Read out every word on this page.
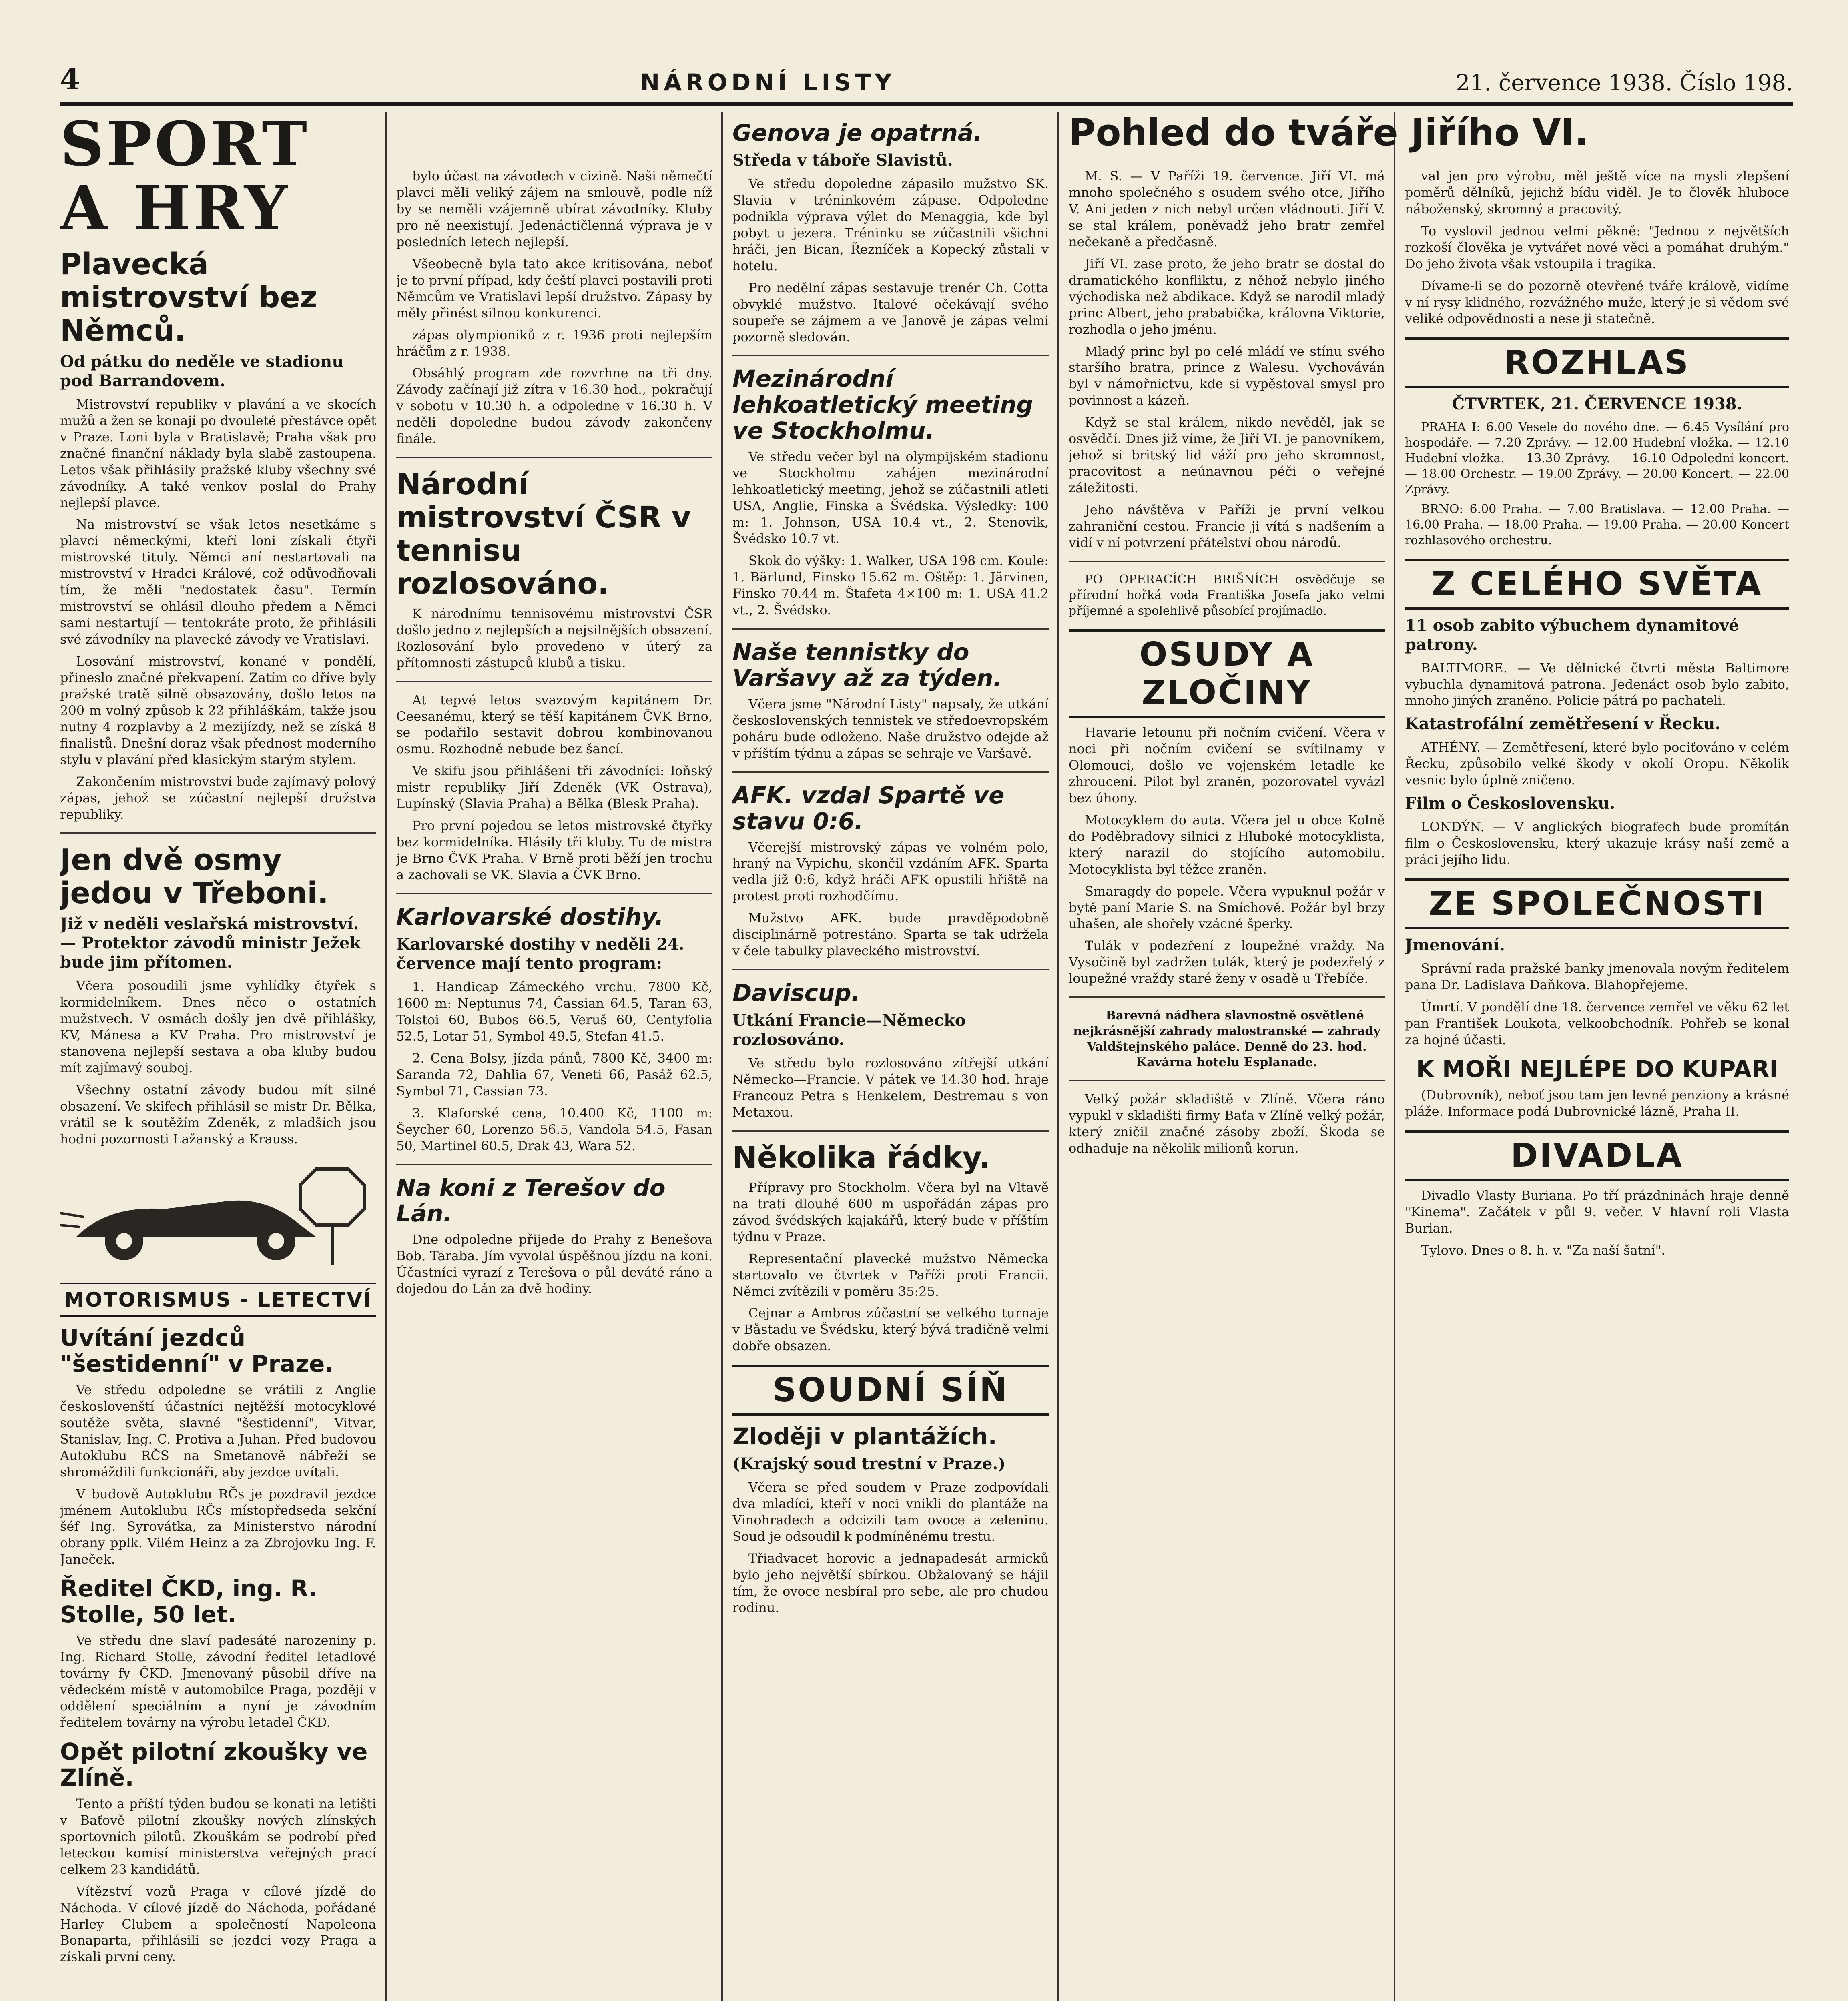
4	NÁRODNÍ LISTY	21. července 1938. Číslo 198.
SPORT A HRY
Plavecká mistrovství bez Němců.
Od pátku do neděle ve stadionu pod Barrandovem.

Mistrovství republiky v plavání a ve skocích mužů a žen se konají po dvouleté přestávce opět v Praze. Loni byla v Bratislavě; Praha však pro značné finanční náklady byla slabě zastoupena. Letos však přihlásily pražské kluby všechny své závodníky. A také venkov poslal do Prahy nejlepší plavce.

Na mistrovství se však letos nesetkáme s plavci německými, kteří loni získali čtyři mistrovské tituly. Němci aní nestartovali na mistrovství v Hradci Králové, což odůvodňovali tím, že měli "nedostatek času". Termín mistrovství se ohlásil dlouho předem a Němci sami nestartují — tentokráte proto, že přihlásili své závodníky na plavecké závody ve Vratislavi.

Losování mistrovství, konané v pondělí, přineslo značné překvapení. Zatím co dříve byly pražské tratě silně obsazovány, došlo letos na 200 m volný způsob k 22 přihláškám, takže jsou nutny 4 rozplavby a 2 mezijízdy, než se získá 8 finalistů. Dnešní doraz však přednost moderního stylu v plavání před klasickým starým stylem.

Zakončením mistrovství bude zajímavý polový zápas, jehož se zúčastní nejlepší družstva republiky.

Jen dvě osmy jedou v Třeboni.
Již v neděli veslařská mistrovství. — Protektor závodů ministr Ježek bude jim přítomen.

Včera posoudili jsme vyhlídky čtyřek s kormidelníkem. Dnes něco o ostatních mužstvech. V osmách došly jen dvě přihlášky, KV, Mánesa a KV Praha. Pro mistrovství je stanovena nejlepší sestava a oba kluby budou mít zajímavý souboj.

Všechny ostatní závody budou mít silné obsazení. Ve skifech přihlásil se mistr Dr. Bělka, vrátil se k soutěžím Zdeněk, z mladších jsou hodni pozornosti Lažanský a Krauss.

MOTORISMUS - LETECTVÍ
Uvítání jezdců "šestidenní" v Praze.

Ve středu odpoledne se vrátili z Anglie českoslovenští účastníci nejtěžší motocyklové soutěže světa, slavné "šestidenní", Vitvar, Stanislav, Ing. C. Protiva a Juhan. Před budovou Autoklubu RČS na Smetanově nábřeží se shromáždili funkcionáři, aby jezdce uvítali.

V budově Autoklubu RČs je pozdravil jezdce jménem Autoklubu RČs místopředseda sekční šéf Ing. Syrovátka, za Ministerstvo národní obrany pplk. Vilém Heinz a za Zbrojovku Ing. F. Janeček.

Ředitel ČKD, ing. R. Stolle, 50 let.

Ve středu dne slaví padesáté narozeniny p. Ing. Richard Stolle, závodní ředitel letadlové továrny fy ČKD. Jmenovaný působil dříve na vědeckém místě v automobilce Praga, později v oddělení speciálním a nyní je závodním ředitelem továrny na výrobu letadel ČKD.

Opět pilotní zkoušky ve Zlíně.

Tento a příští týden budou se konati na letišti v Baťově pilotní zkoušky nových zlínských sportovních pilotů. Zkouškám se podrobí před leteckou komisí ministerstva veřejných prací celkem 23 kandidátů.

Vítězství vozů Praga v cílové jízdě do Náchoda. V cílové jízdě do Náchoda, pořádané Harley Clubem a společností Napoleona Bonaparta, přihlásili se jezdci vozy Praga a získali první ceny.

bylo účast na závodech v cizině. Naši němečtí plavci měli veliký zájem na smlouvě, podle níž by se neměli vzájemně ubírat závodníky. Kluby pro ně neexistují. Jedenáctičlenná výprava je v posledních letech nejlepší.

Všeobecně byla tato akce kritisována, neboť je to první případ, kdy čeští plavci postavili proti Němcům ve Vratislavi lepší družstvo. Zápasy by měly přinést silnou konkurenci.

zápas olympioniků z r. 1936 proti nejlepším hráčům z r. 1938.

Obsáhlý program zde rozvrhne na tři dny. Závody začínají již zítra v 16.30 hod., pokračují v sobotu v 10.30 h. a odpoledne v 16.30 h. V neděli dopoledne budou závody zakončeny finále.

Národní mistrovství ČSR v tennisu rozlosováno.

K národnímu tennisovému mistrovství ČSR došlo jedno z nejlepších a nejsilnějších obsazení. Rozlosování bylo provedeno v úterý za přítomnosti zástupců klubů a tisku.

At tepvé letos svazovým kapitánem Dr. Ceesanému, který se těší kapitánem ČVK Brno, se podařilo sestavit dobrou kombinovanou osmu. Rozhodně nebude bez šancí.

Ve skifu jsou přihlášeni tři závodníci: loňský mistr republiky Jiří Zdeněk (VK Ostrava), Lupínský (Slavia Praha) a Bělka (Blesk Praha).

Pro první pojedou se letos mistrovské čtyřky bez kormidelníka. Hlásily tři kluby. Tu de mistra je Brno ČVK Praha. V Brně proti běží jen trochu a zachovali se VK. Slavia a ČVK Brno.

Karlovarské dostihy.
Karlovarské dostihy v neděli 24. července mají tento program:

1. Handicap Zámeckého vrchu. 7800 Kč, 1600 m: Neptunus 74, Čassian 64.5, Taran 63, Tolstoi 60, Bubos 66.5, Veruš 60, Centyfolia 52.5, Lotar 51, Symbol 49.5, Stefan 41.5.

2. Cena Bolsy, jízda pánů, 7800 Kč, 3400 m: Saranda 72, Dahlia 67, Veneti 66, Pasáž 62.5, Symbol 71, Cassian 73.

3. Klaforské cena, 10.400 Kč, 1100 m: Šeycher 60, Lorenzo 56.5, Vandola 54.5, Fasan 50, Martinel 60.5, Drak 43, Wara 52.

Na koni z Terešov do Lán.

Dne odpoledne přijede do Prahy z Benešova Bob. Taraba. Jím vyvolal úspěšnou jízdu na koni. Účastníci vyrazí z Terešova o půl deváté ráno a dojedou do Lán za dvě hodiny.

Genova je opatrná.
Středa v táboře Slavistů.

Ve středu dopoledne zápasilo mužstvo SK. Slavia v tréninkovém zápase. Odpoledne podnikla výprava výlet do Menaggia, kde byl pobyt u jezera. Tréninku se zúčastnili všichni hráči, jen Bican, Řezníček a Kopecký zůstali v hotelu.

Pro nedělní zápas sestavuje trenér Ch. Cotta obvyklé mužstvo. Italové očekávají svého soupeře se zájmem a ve Janově je zápas velmi pozorně sledován.

Mezinárodní lehkoatletický meeting ve Stockholmu.

Ve středu večer byl na olympijském stadionu ve Stockholmu zahájen mezinárodní lehkoatletický meeting, jehož se zúčastnili atleti USA, Anglie, Finska a Švédska. Výsledky: 100 m: 1. Johnson, USA 10.4 vt., 2. Stenovik, Švédsko 10.7 vt.

Skok do výšky: 1. Walker, USA 198 cm. Koule: 1. Bärlund, Finsko 15.62 m. Oštěp: 1. Järvinen, Finsko 70.44 m. Štafeta 4×100 m: 1. USA 41.2 vt., 2. Švédsko.

Naše tennistky do Varšavy až za týden.

Včera jsme "Národní Listy" napsaly, že utkání československých tennistek ve středoevropském poháru bude odloženo. Naše družstvo odejde až v příštím týdnu a zápas se sehraje ve Varšavě.

AFK. vzdal Spartě ve stavu 0:6.

Včerejší mistrovský zápas ve volném polo, hraný na Vypichu, skončil vzdáním AFK. Sparta vedla již 0:6, když hráči AFK opustili hřiště na protest proti rozhodčímu.

Mužstvo AFK. bude pravděpodobně disciplinárně potrestáno. Sparta se tak udržela v čele tabulky plaveckého mistrovství.

Daviscup.
Utkání Francie—Německo rozlosováno.

Ve středu bylo rozlosováno zítřejší utkání Německo—Francie. V pátek ve 14.30 hod. hraje Francouz Petra s Henkelem, Destremau s von Metaxou.

Několika řádky.

Přípravy pro Stockholm. Včera byl na Vltavě na trati dlouhé 600 m uspořádán zápas pro závod švédských kajakářů, který bude v příštím týdnu v Praze.

Representační plavecké mužstvo Německa startovalo ve čtvrtek v Paříži proti Francii. Němci zvítězili v poměru 35:25.

Cejnar a Ambros zúčastní se velkého turnaje v Båstadu ve Švédsku, který bývá tradičně velmi dobře obsazen.

SOUDNÍ SÍŇ
Zloději v plantážích.
(Krajský soud trestní v Praze.)

Včera se před soudem v Praze zodpovídali dva mladíci, kteří v noci vnikli do plantáže na Vinohradech a odcizili tam ovoce a zeleninu. Soud je odsoudil k podmíněnému trestu.

Třiadvacet horovic a jednapadesát armicků bylo jeho největší sbírkou. Obžalovaný se hájil tím, že ovoce nesbíral pro sebe, ale pro chudou rodinu.

Pohled do tváře Jiřího VI.

M. S. — V Paříži 19. července. Jiří VI. má mnoho společného s osudem svého otce, Jiřího V. Ani jeden z nich nebyl určen vládnouti. Jiří V. se stal králem, poněvadž jeho bratr zemřel nečekaně a předčasně.

Jiří VI. zase proto, že jeho bratr se dostal do dramatického konfliktu, z něhož nebylo jiného východiska než abdikace. Když se narodil mladý princ Albert, jeho prababička, královna Viktorie, rozhodla o jeho jménu.

Mladý princ byl po celé mládí ve stínu svého staršího bratra, prince z Walesu. Vychováván byl v námořnictvu, kde si vypěstoval smysl pro povinnost a kázeň.

Když se stal králem, nikdo nevěděl, jak se osvědčí. Dnes již víme, že Jiří VI. je panovníkem, jehož si britský lid váží pro jeho skromnost, pracovitost a neúnavnou péči o veřejné záležitosti.

Jeho návštěva v Paříži je první velkou zahraniční cestou. Francie ji vítá s nadšením a vidí v ní potvrzení přátelství obou národů.

PO OPERACÍCH BRIŠNÍCH osvědčuje se přírodní hořká voda Františka Josefa jako velmi příjemné a spolehlivě působící projímadlo.

OSUDY A ZLOČINY

Havarie letounu při nočním cvičení. Včera v noci při nočním cvičení se svítilnamy v Olomouci, došlo ve vojenském letadle ke zhroucení. Pilot byl zraněn, pozorovatel vyvázl bez úhony.

Motocyklem do auta. Včera jel u obce Kolně do Poděbradovy silnici z Hluboké motocyklista, který narazil do stojícího automobilu. Motocyklista byl těžce zraněn.

Smaragdy do popele. Včera vypuknul požár v bytě paní Marie S. na Smíchově. Požár byl brzy uhašen, ale shořely vzácné šperky.

Tulák v podezření z loupežné vraždy. Na Vysočině byl zadržen tulák, který je podezřelý z loupežné vraždy staré ženy v osadě u Třebíče.

Barevná nádhera slavnostně osvětlené nejkrásnější zahrady malostranské — zahrady Valdštejnského paláce. Denně do 23. hod. Kavárna hotelu Esplanade.

Velký požár skladiště v Zlíně. Včera ráno vypukl v skladišti firmy Baťa v Zlíně velký požár, který zničil značné zásoby zboží. Škoda se odhaduje na několik milionů korun.

val jen pro výrobu, měl ještě více na mysli zlepšení poměrů dělníků, jejichž bídu viděl. Je to člověk hluboce náboženský, skromný a pracovitý.

To vyslovil jednou velmi pěkně: "Jednou z největších rozkoší člověka je vytvářet nové věci a pomáhat druhým." Do jeho života však vstoupila i tragika.

Dívame-li se do pozorně otevřené tváře králově, vidíme v ní rysy klidného, rozvážného muže, který je si vědom své veliké odpovědnosti a nese ji statečně.

ROZHLAS
ČTVRTEK, 21. ČERVENCE 1938.

PRAHA I: 6.00 Vesele do nového dne. — 6.45 Vysílání pro hospodáře. — 7.20 Zprávy. — 12.00 Hudební vložka. — 12.10 Hudební vložka. — 13.30 Zprávy. — 16.10 Odpolední koncert. — 18.00 Orchestr. — 19.00 Zprávy. — 20.00 Koncert. — 22.00 Zprávy.

BRNO: 6.00 Praha. — 7.00 Bratislava. — 12.00 Praha. — 16.00 Praha. — 18.00 Praha. — 19.00 Praha. — 20.00 Koncert rozhlasového orchestru.

Z CELÉHO SVĚTA
11 osob zabito výbuchem dynamitové patrony.

BALTIMORE. — Ve dělnické čtvrti města Baltimore vybuchla dynamitová patrona. Jedenáct osob bylo zabito, mnoho jiných zraněno. Policie pátrá po pachateli.

Katastrofální zemětřesení v Řecku.

ATHÉNY. — Zemětřesení, které bylo pociťováno v celém Řecku, způsobilo velké škody v okolí Oropu. Několik vesnic bylo úplně zničeno.

Film o Československu.

LONDÝN. — V anglických biografech bude promítán film o Československu, který ukazuje krásy naší země a práci jejího lidu.

ZE SPOLEČNOSTI
Jmenování.

Správní rada pražské banky jmenovala novým ředitelem pana Dr. Ladislava Daňkova. Blahopřejeme.

Úmrtí. V pondělí dne 18. července zemřel ve věku 62 let pan František Loukota, velkoobchodník. Pohřeb se konal za hojné účasti.

K MOŘI NEJLÉPE DO KUPARI

(Dubrovník), neboť jsou tam jen levné penziony a krásné pláže. Informace podá Dubrovnické lázně, Praha II.

DIVADLA

Divadlo Vlasty Buriana. Po tří prázdninách hraje denně "Kinema". Začátek v půl 9. večer. V hlavní roli Vlasta Burian.

Tylovo. Dnes o 8. h. v. "Za naší šatní".
